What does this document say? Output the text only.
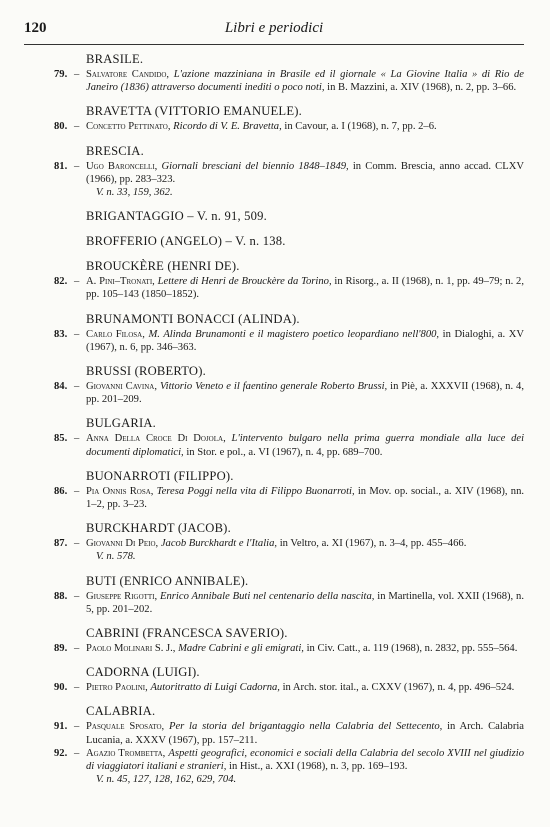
120	Libri e periodici
BRASILE.
79. – Salvatore Candido, L'azione mazziniana in Brasile ed il giornale « La Giovine Italia » di Rio de Janeiro (1836) attraverso documenti inediti o poco noti, in B. Mazzini, a. XIV (1968), n. 2, pp. 3–66.
BRAVETTA (VITTORIO EMANUELE).
80. – Concetto Pettinato, Ricordo di V. E. Bravetta, in Cavour, a. I (1968), n. 7, pp. 2–6.
BRESCIA.
81. – Ugo Baroncelli, Giornali bresciani del biennio 1848–1849, in Comm. Brescia, anno accad. CLXV (1966), pp. 283–323.
V. n. 33, 159, 362.
BRIGANTAGGIO – V. n. 91, 509.
BROFFERIO (ANGELO) – V. n. 138.
BROUCKÈRE (HENRI DE).
82. – A. Pini–Tronati, Lettere di Henri de Brouckère da Torino, in Risorg., a. II (1968), n. 1, pp. 49–79; n. 2, pp. 105–143 (1850–1852).
BRUNAMONTI BONACCI (ALINDA).
83. – Carlo Filosa, M. Alinda Brunamonti e il magistero poetico leopardiano nell'800, in Dialoghi, a. XV (1967), n. 6, pp. 346–363.
BRUSSI (ROBERTO).
84. – Giovanni Cavina, Vittorio Veneto e il faentino generale Roberto Brussi, in Piè, a. XXXVII (1968), n. 4, pp. 201–209.
BULGARIA.
85. – Anna Della Croce Di Dojola, L'intervento bulgaro nella prima guerra mondiale alla luce dei documenti diplomatici, in Stor. e pol., a. VI (1967), n. 4, pp. 689–700.
BUONARROTI (FILIPPO).
86. – Pia Onnis Rosa, Teresa Poggi nella vita di Filippo Buonarroti, in Mov. op. social., a. XIV (1968), nn. 1–2, pp. 3–23.
BURCKHARDT (JACOB).
87. – Giovanni Di Peio, Jacob Burckhardt e l'Italia, in Veltro, a. XI (1967), n. 3–4, pp. 455–466.
V. n. 578.
BUTI (ENRICO ANNIBALE).
88. – Giuseppe Rigotti, Enrico Annibale Buti nel centenario della nascita, in Martinella, vol. XXII (1968), n. 5, pp. 201–202.
CABRINI (FRANCESCA SAVERIO).
89. – Paolo Molinari S. J., Madre Cabrini e gli emigrati, in Civ. Catt., a. 119 (1968), n. 2832, pp. 555–564.
CADORNA (LUIGI).
90. – Pietro Paolini, Autoritratto di Luigi Cadorna, in Arch. stor. ital., a. CXXV (1967), n. 4, pp. 496–524.
CALABRIA.
91. – Pasquale Sposato, Per la storia del brigantaggio nella Calabria del Settecento, in Arch. Calabria Lucania, a. XXXV (1967), pp. 157–211.
92. – Agazio Trombetta, Aspetti geografici, economici e sociali della Calabria del secolo XVIII nel giudizio di viaggiatori italiani e stranieri, in Hist., a. XXI (1968), n. 3, pp. 169–193.
V. n. 45, 127, 128, 162, 629, 704.
